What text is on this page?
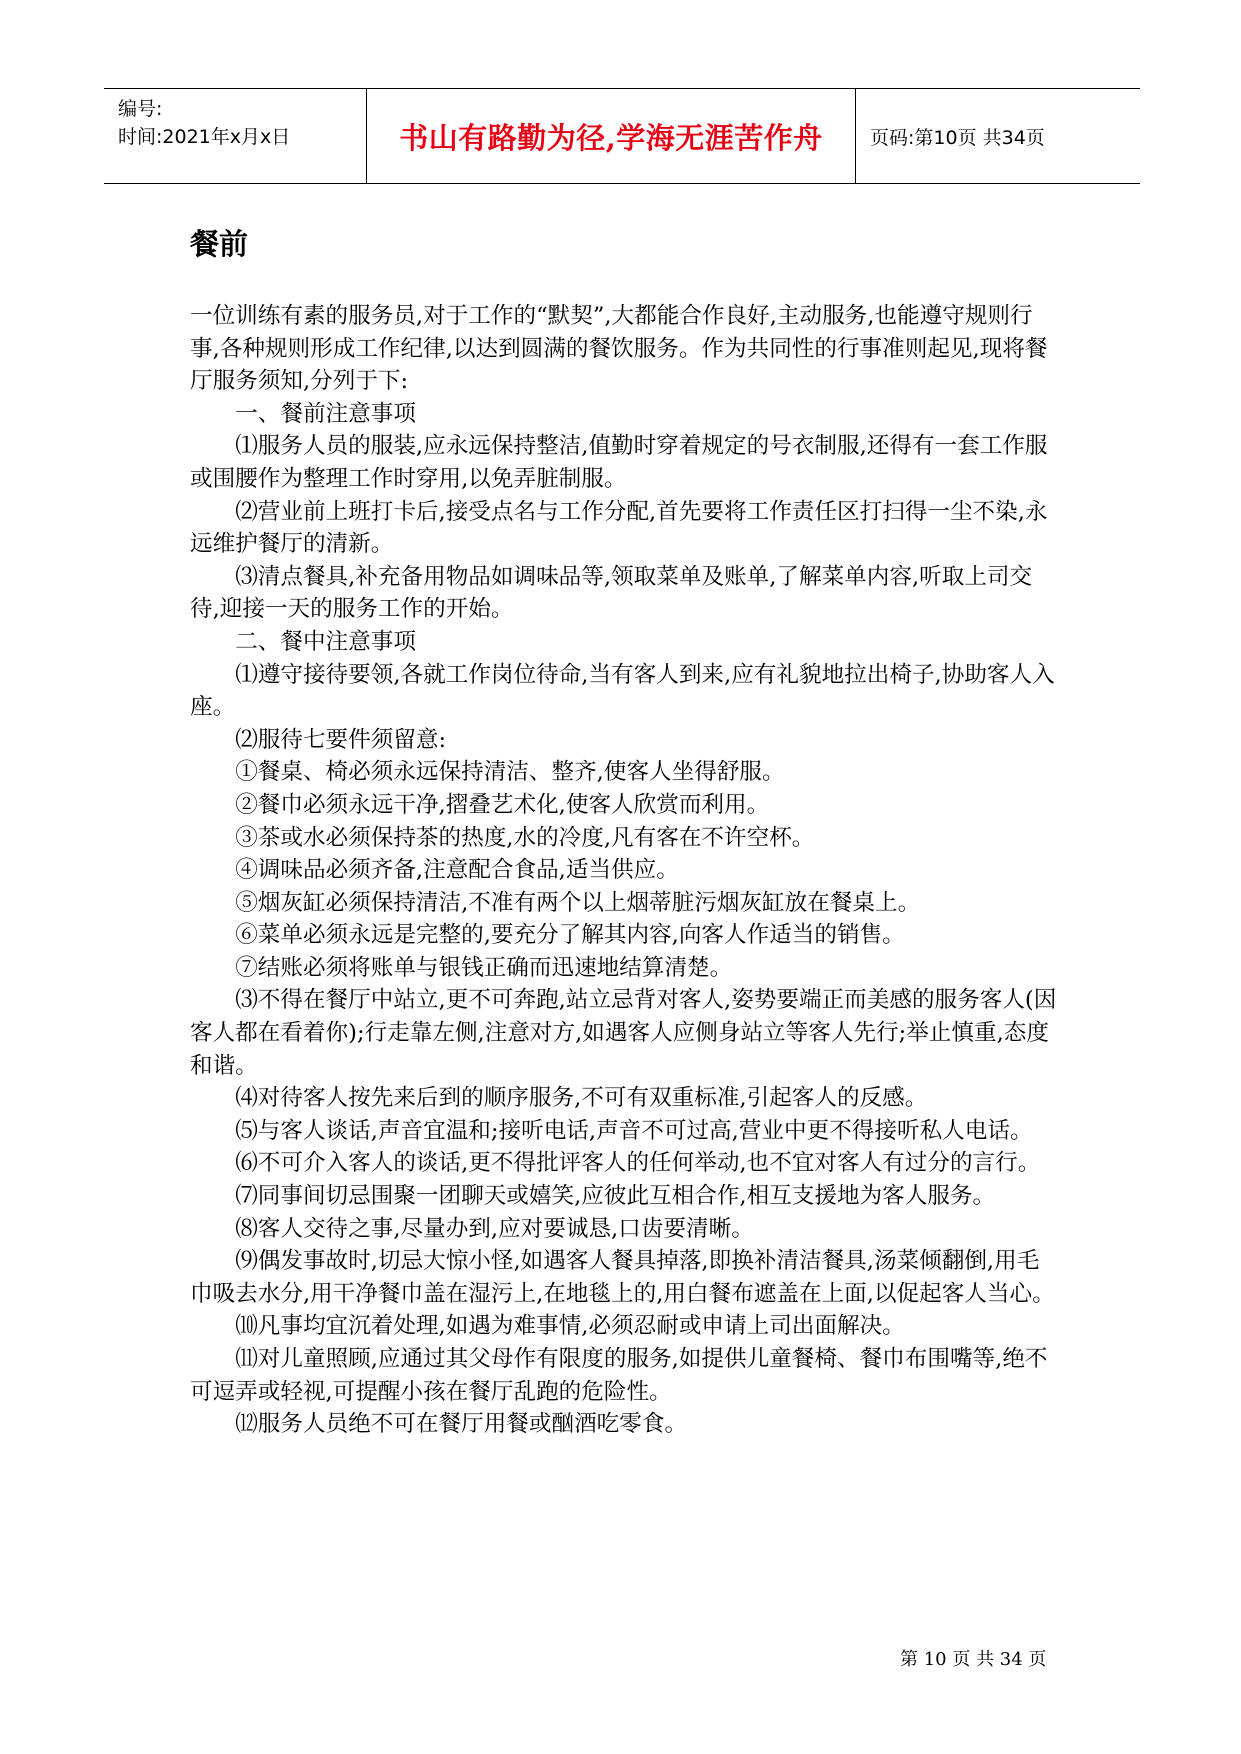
编号:
时间:2021年x月x日	书山有路勤为径,学海无涯苦作舟	页码:第10页 共34页
餐前

一位训练有素的服务员,对于工作的“默契”,大都能合作良好,主动服务,也能遵守规则行事,各种规则形成工作纪律,以达到圆满的餐饮服务。作为共同性的行事准则起见,现将餐厅服务须知,分列于下:

一、餐前注意事项

⑴服务人员的服装,应永远保持整洁,值勤时穿着规定的号衣制服,还得有一套工作服或围腰作为整理工作时穿用,以免弄脏制服。

⑵营业前上班打卡后,接受点名与工作分配,首先要将工作责任区打扫得一尘不染,永远维护餐厅的清新。

⑶清点餐具,补充备用物品如调味品等,领取菜单及账单,了解菜单内容,听取上司交待,迎接一天的服务工作的开始。

二、餐中注意事项

⑴遵守接待要领,各就工作岗位待命,当有客人到来,应有礼貌地拉出椅子,协助客人入座。

⑵服待七要件须留意:

①餐桌、椅必须永远保持清洁、整齐,使客人坐得舒服。

②餐巾必须永远干净,摺叠艺术化,使客人欣赏而利用。

③茶或水必须保持茶的热度,水的冷度,凡有客在不许空杯。

④调味品必须齐备,注意配合食品,适当供应。

⑤烟灰缸必须保持清洁,不准有两个以上烟蒂脏污烟灰缸放在餐桌上。

⑥菜单必须永远是完整的,要充分了解其内容,向客人作适当的销售。

⑦结账必须将账单与银钱正确而迅速地结算清楚。

⑶不得在餐厅中站立,更不可奔跑,站立忌背对客人,姿势要端正而美感的服务客人(因客人都在看着你);行走靠左侧,注意对方,如遇客人应侧身站立等客人先行;举止慎重,态度和谐。

⑷对待客人按先来后到的顺序服务,不可有双重标准,引起客人的反感。

⑸与客人谈话,声音宜温和;接听电话,声音不可过高,营业中更不得接听私人电话。

⑹不可介入客人的谈话,更不得批评客人的任何举动,也不宜对客人有过分的言行。

⑺同事间切忌围聚一团聊天或嬉笑,应彼此互相合作,相互支援地为客人服务。

⑻客人交待之事,尽量办到,应对要诚恳,口齿要清晰。

⑼偶发事故时,切忌大惊小怪,如遇客人餐具掉落,即换补清洁餐具,汤菜倾翻倒,用毛巾吸去水分,用干净餐巾盖在湿污上,在地毯上的,用白餐布遮盖在上面,以促起客人当心。

⑽凡事均宜沉着处理,如遇为难事情,必须忍耐或申请上司出面解决。

⑾对儿童照顾,应通过其父母作有限度的服务,如提供儿童餐椅、餐巾布围嘴等,绝不可逗弄或轻视,可提醒小孩在餐厅乱跑的危险性。

⑿服务人员绝不可在餐厅用餐或酗酒吃零食。

第 10 页 共 34 页
